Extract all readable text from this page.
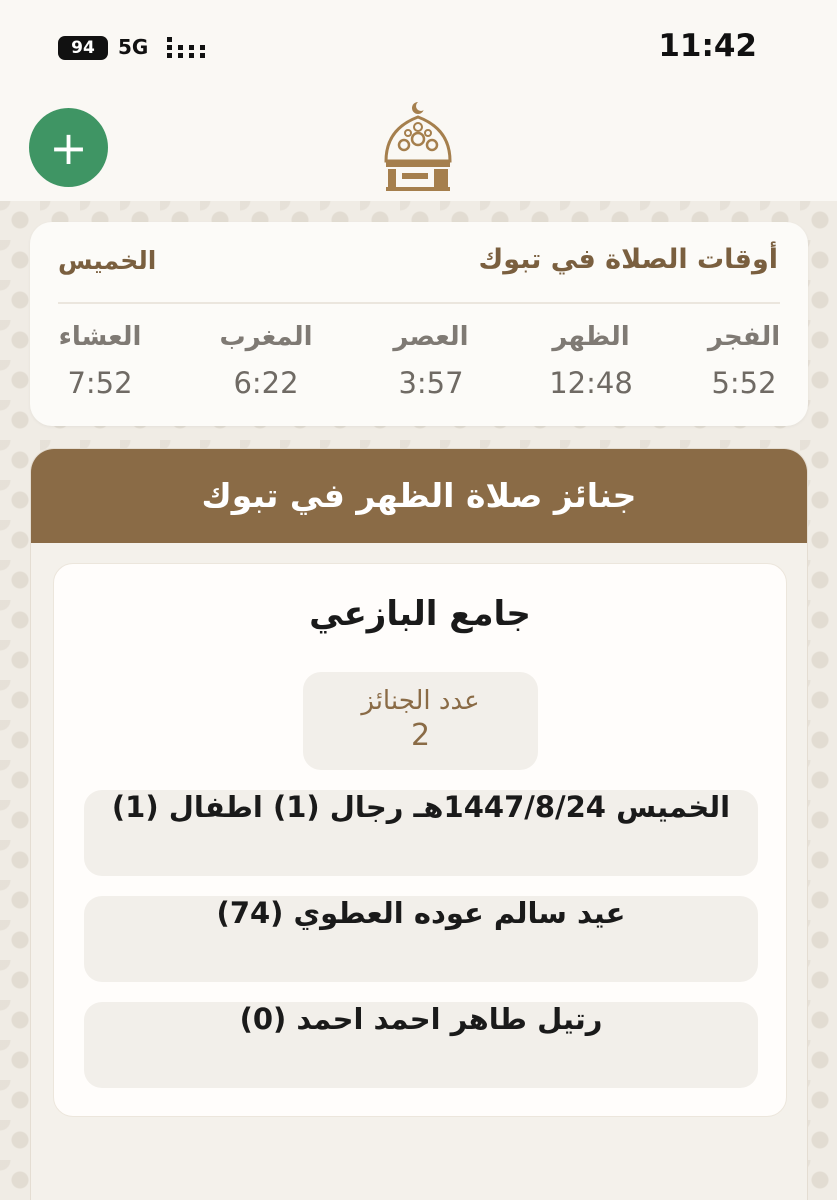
94	5G	11:42
+
أوقات الصلاة في تبوك
الخميس
الفجر
5:52
الظهر
12:48
العصر
3:57
المغرب
6:22
العشاء
7:52
جنائز صلاة الظهر في تبوك
جامع البازعي
عدد الجنائز
2
الخميس 1447/8/24هـ رجال (1) اطفال (1)
عيد سالم عوده العطوي (74)
رتيل طاهر احمد احمد (0)
